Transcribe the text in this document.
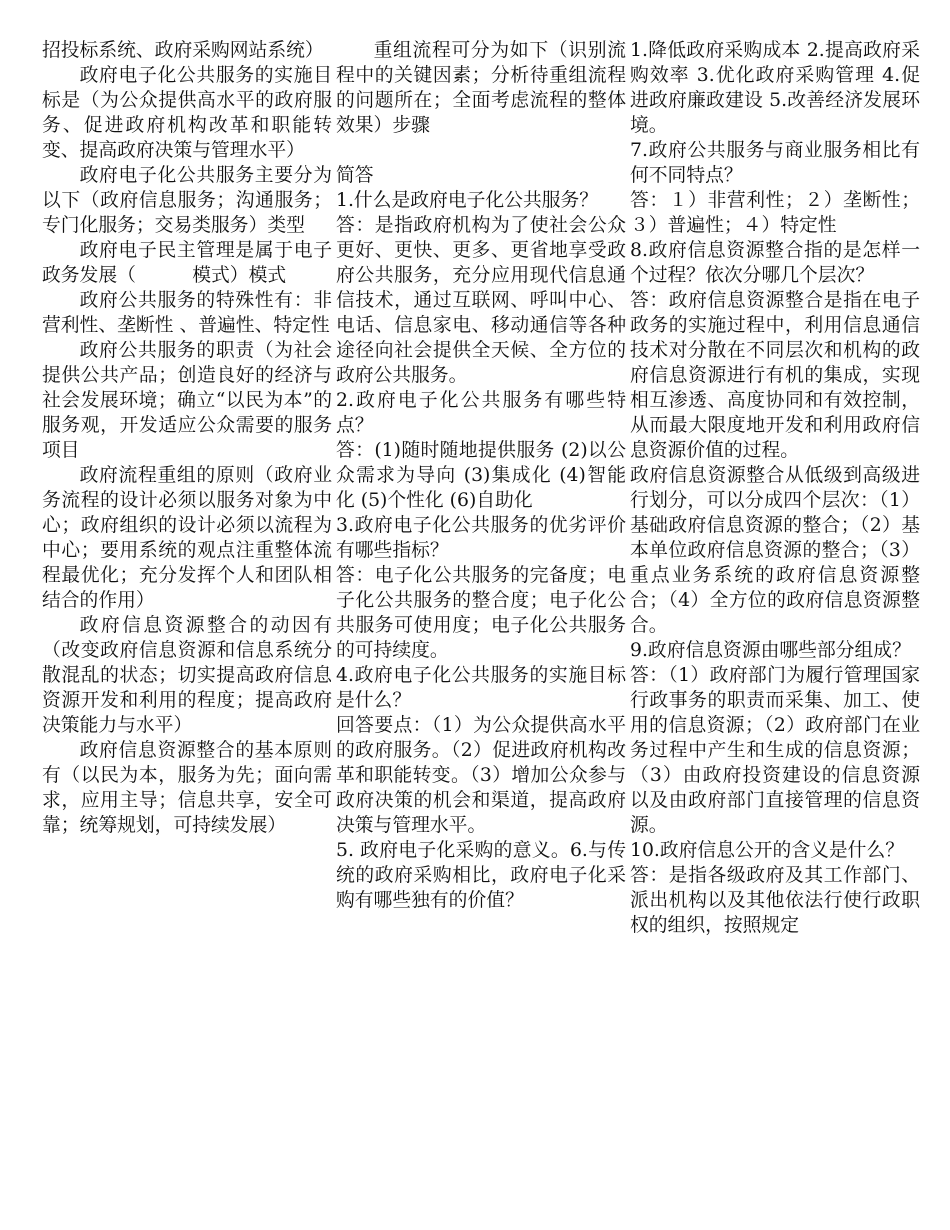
招投标系统、政府采购网站系统）

政府电子化公共服务的实施目标是（为公众提供高水平的政府服务、促进政府机构改革和职能转变、提高政府决策与管理水平）

政府电子化公共服务主要分为以下（政府信息服务；沟通服务；专门化服务；交易类服务）类型

政府电子民主管理是属于电子政务发展（　　　模式）模式

政府公共服务的特殊性有：非营利性、垄断性 、普遍性、特定性

政府公共服务的职责（为社会提供公共产品；创造良好的经济与社会发展环境；确立“以民为本”的服务观，开发适应公众需要的服务项目

政府流程重组的原则（政府业务流程的设计必须以服务对象为中心；政府组织的设计必须以流程为中心；要用系统的观点注重整体流程最优化；充分发挥个人和团队相结合的作用）

政府信息资源整合的动因有（改变政府信息资源和信息系统分散混乱的状态；切实提高政府信息资源开发和利用的程度；提高政府决策能力与水平）

政府信息资源整合的基本原则有（以民为本，服务为先；面向需求，应用主导；信息共享，安全可靠；统筹规划，可持续发展）

重组流程可分为如下（识别流程中的关键因素；分析待重组流程的问题所在；全面考虑流程的整体效果）步骤

简答

1.什么是政府电子化公共服务？

答：是指政府机构为了使社会公众更好、更快、更多、更省地享受政府公共服务，充分应用现代信息通信技术，通过互联网、呼叫中心、电话、信息家电、移动通信等各种途径向社会提供全天候、全方位的政府公共服务。

2.政府电子化公共服务有哪些特点？

答：(1)随时随地提供服务 (2)以公众需求为导向 (3)集成化 (4)智能化 (5)个性化 (6)自助化

3.政府电子化公共服务的优劣评价有哪些指标？

答：电子化公共服务的完备度；电子化公共服务的整合度；电子化公共服务可使用度；电子化公共服务的可持续度。

4.政府电子化公共服务的实施目标是什么？

回答要点：（1）为公众提供高水平的政府服务。（2）促进政府机构改革和职能转变。（3）增加公众参与政府决策的机会和渠道，提高政府决策与管理水平。

5. 政府电子化采购的意义。6.与传统的政府采购相比，政府电子化采购有哪些独有的价值？

1.降低政府采购成本 2.提高政府采购效率 3.优化政府采购管理 4.促进政府廉政建设 5.改善经济发展环境。

7.政府公共服务与商业服务相比有何不同特点？

答：１）非营利性；２）垄断性；３）普遍性；４）特定性

8.政府信息资源整合指的是怎样一个过程？依次分哪几个层次？

答：政府信息资源整合是指在电子政务的实施过程中，利用信息通信技术对分散在不同层次和机构的政府信息资源进行有机的集成，实现相互渗透、高度协同和有效控制，从而最大限度地开发和利用政府信息资源价值的过程。

政府信息资源整合从低级到高级进行划分，可以分成四个层次：（1）基础政府信息资源的整合；（2）基本单位政府信息资源的整合；（3）重点业务系统的政府信息资源整合；（4）全方位的政府信息资源整合。

9.政府信息资源由哪些部分组成？

答：（1）政府部门为履行管理国家行政事务的职责而采集、加工、使用的信息资源；（2）政府部门在业务过程中产生和生成的信息资源；（3）由政府投资建设的信息资源以及由政府部门直接管理的信息资源。

10.政府信息公开的含义是什么？

答：是指各级政府及其工作部门、派出机构以及其他依法行使行政职权的组织，按照规定
